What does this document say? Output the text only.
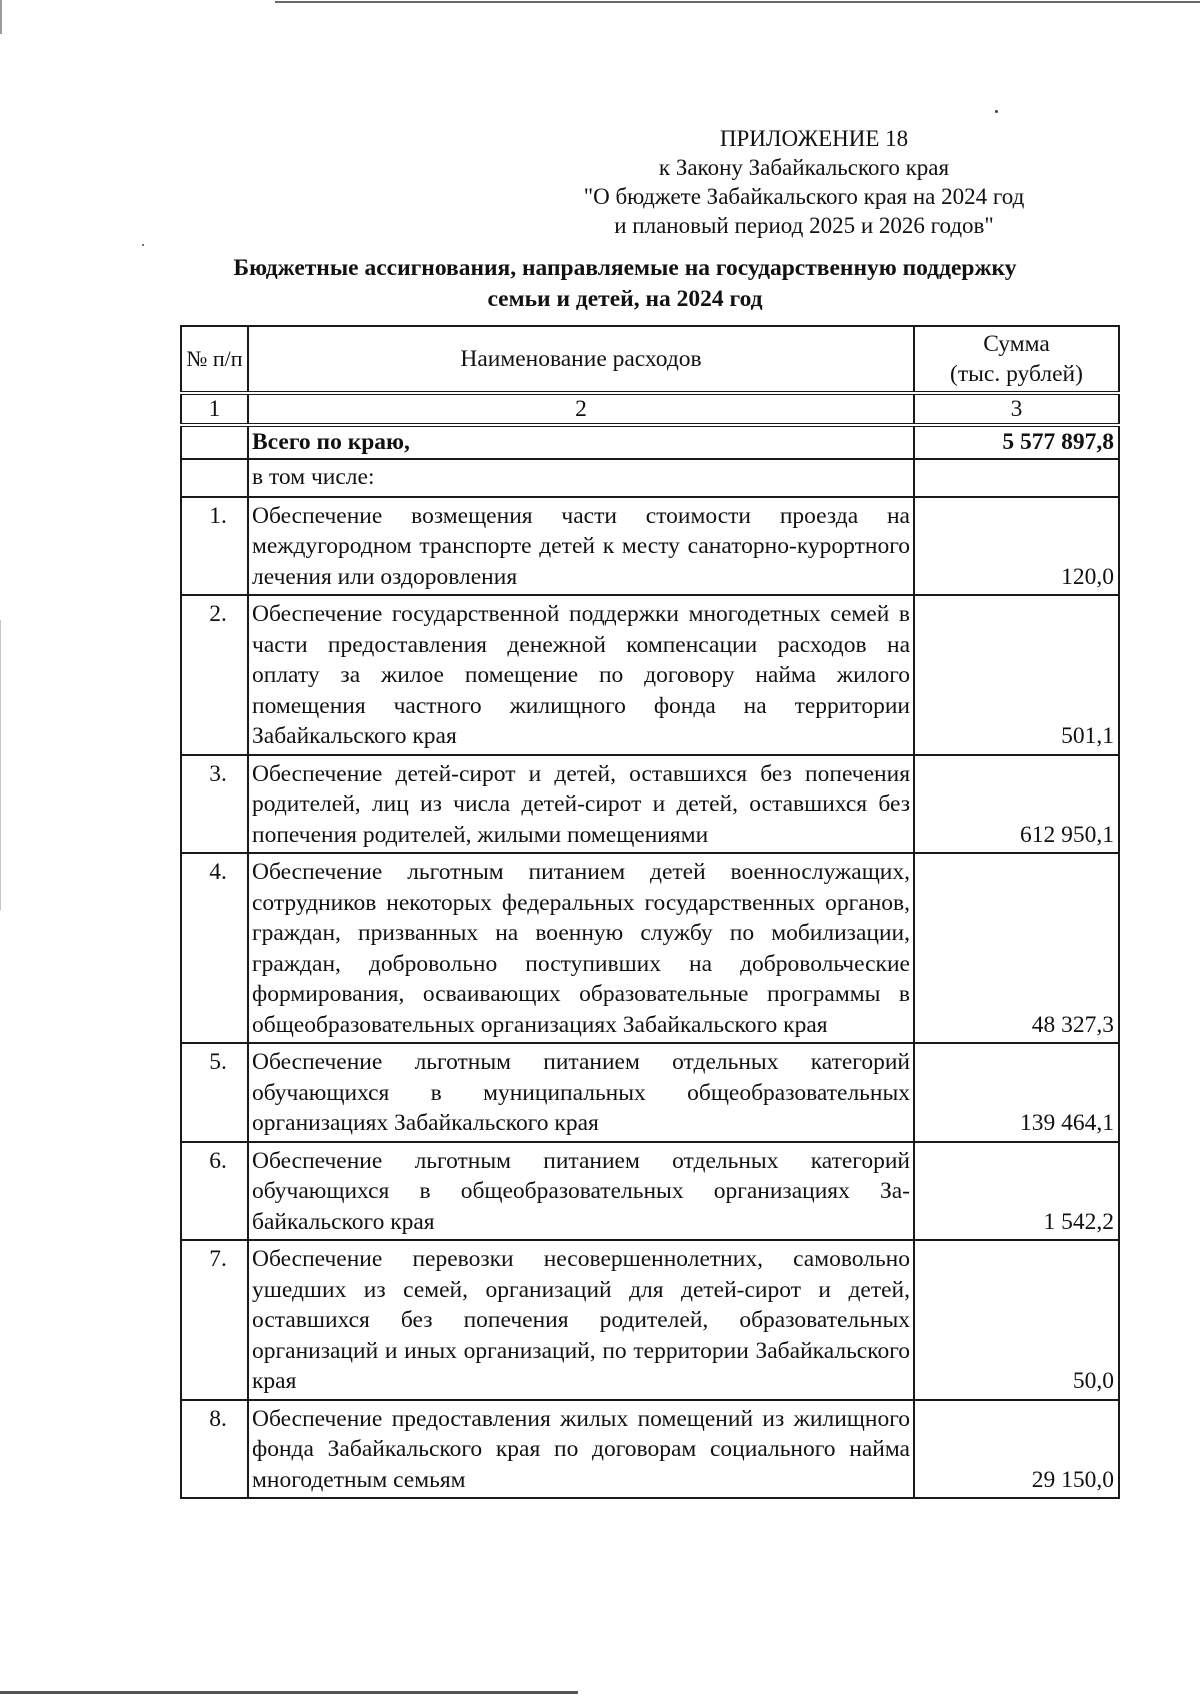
ПРИЛОЖЕНИЕ 18
к Закону Забайкальского края
"О бюджете Забайкальского края на 2024 год
и плановый период 2025 и 2026 годов"
Бюджетные ассигнования, направляемые на государственную поддержку
семьи и детей, на 2024 год
№ п/п	Наименование расходов	Сумма
(тыс. рублей)

1	2	3
	Всего по краю,	5 577 897,8
	в том числе:	
1.	Обеспечение возмещения части стоимости проезда на междугородном транспорте детей к месту санаторно-курортного лечения или оздоровления	120,0
2.	Обеспечение государственной поддержки многодетных семей в части предоставления денежной компенсации расходов на оплату за жилое помещение по договору найма жилого помещения частного жилищного фонда на территории Забайкальского края	501,1
3.	Обеспечение детей-сирот и детей, оставшихся без попечения родителей, лиц из числа детей-сирот и детей, оставшихся без попечения родителей, жилыми помещениями	612 950,1
4.	Обеспечение льготным питанием детей военнослужащих, сотрудников некоторых федеральных государственных органов, граждан, призванных на военную службу по мобилизации, граждан, добровольно поступивших на добровольческие формирования, осваивающих образовательные программы в общеобразовательных организациях Забайкальского края	48 327,3
5.	Обеспечение льготным питанием отдельных категорий обучающихся в муниципальных общеобразовательных организациях Забайкальского края	139 464,1
6.	Обеспечение льготным питанием отдельных категорий обучающихся в общеобразовательных организациях Забайкальского края	1 542,2
7.	Обеспечение перевозки несовершеннолетних, самовольно ушедших из семей, организаций для детей-сирот и детей, оставшихся без попечения родителей, образовательных организаций и иных организаций, по территории Забайкальского края	50,0
8.	Обеспечение предоставления жилых помещений из жилищного фонда Забайкальского края по договорам социального найма многодетным семьям	29 150,0
